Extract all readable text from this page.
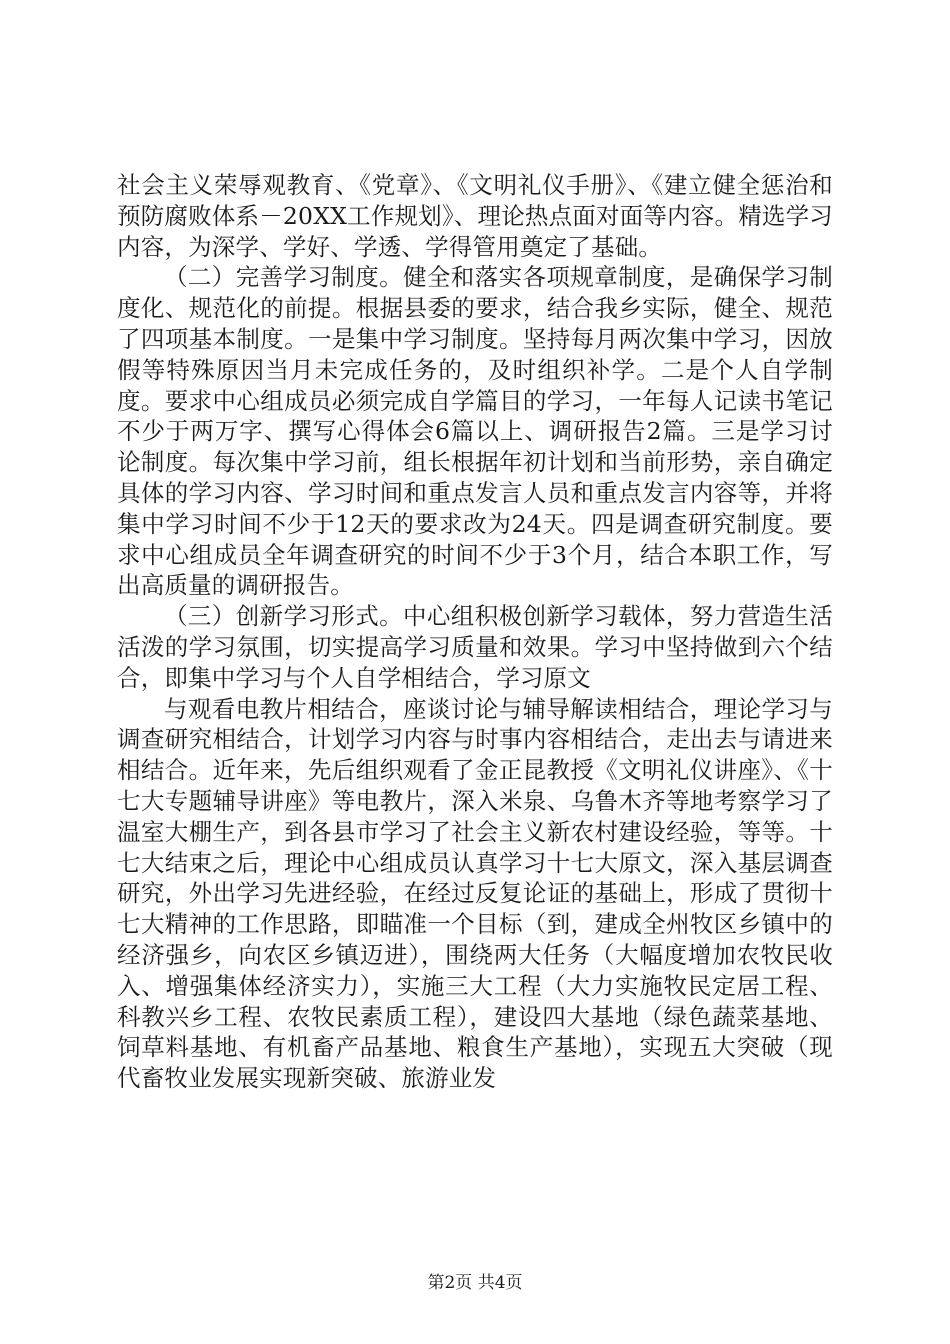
社会主义荣辱观教育、《党章》、《文明礼仪手册》、《建立健全惩治和预防腐败体系－20XX工作规划》、理论热点面对面等内容。精选学习内容，为深学、学好、学透、学得管用奠定了基础。

（二）完善学习制度。健全和落实各项规章制度，是确保学习制度化、规范化的前提。根据县委的要求，结合我乡实际，健全、规范了四项基本制度。一是集中学习制度。坚持每月两次集中学习，因放假等特殊原因当月未完成任务的，及时组织补学。二是个人自学制度。要求中心组成员必须完成自学篇目的学习，一年每人记读书笔记不少于两万字、撰写心得体会6篇以上、调研报告2篇。三是学习讨论制度。每次集中学习前，组长根据年初计划和当前形势，亲自确定具体的学习内容、学习时间和重点发言人员和重点发言内容等，并将集中学习时间不少于12天的要求改为24天。四是调查研究制度。要求中心组成员全年调查研究的时间不少于3个月，结合本职工作，写出高质量的调研报告。

（三）创新学习形式。中心组积极创新学习载体，努力营造生活活泼的学习氛围，切实提高学习质量和效果。学习中坚持做到六个结合，即集中学习与个人自学相结合，学习原文

与观看电教片相结合，座谈讨论与辅导解读相结合，理论学习与调查研究相结合，计划学习内容与时事内容相结合，走出去与请进来相结合。近年来，先后组织观看了金正昆教授《文明礼仪讲座》、《十七大专题辅导讲座》等电教片，深入米泉、乌鲁木齐等地考察学习了温室大棚生产，到各县市学习了社会主义新农村建设经验，等等。十七大结束之后，理论中心组成员认真学习十七大原文，深入基层调查研究，外出学习先进经验，在经过反复论证的基础上，形成了贯彻十七大精神的工作思路，即瞄准一个目标（到，建成全州牧区乡镇中的经济强乡，向农区乡镇迈进），围绕两大任务（大幅度增加农牧民收入、增强集体经济实力），实施三大工程（大力实施牧民定居工程、科教兴乡工程、农牧民素质工程），建设四大基地（绿色蔬菜基地、饲草料基地、有机畜产品基地、粮食生产基地），实现五大突破（现代畜牧业发展实现新突破、旅游业发

第2页 共4页
